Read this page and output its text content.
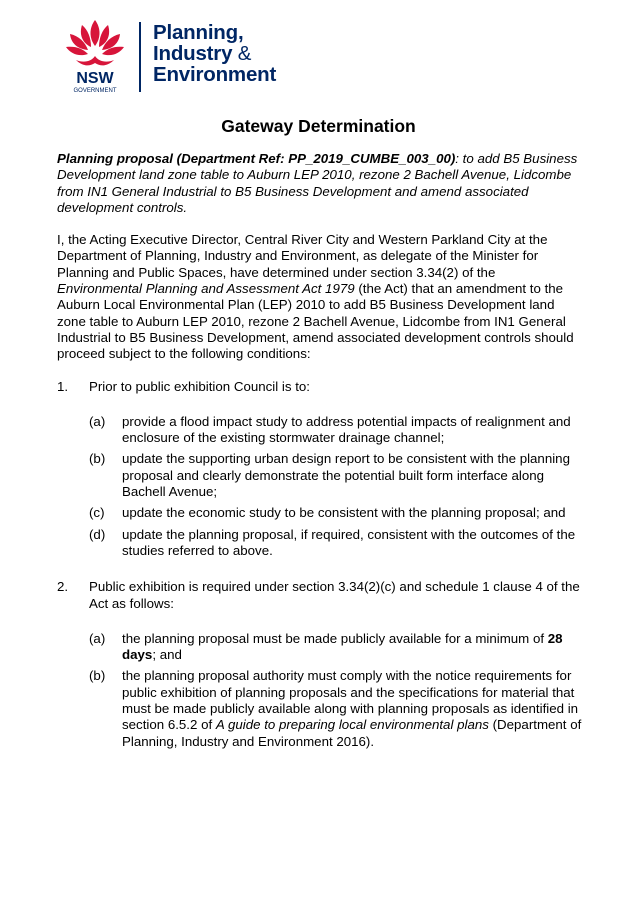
NSW
GOVERNMENT
Planning,
Industry &
Environment
Gateway Determination

Planning proposal (Department Ref: PP_2019_CUMBE_003_00): to add B5 Business Development land zone table to Auburn LEP 2010, rezone 2 Bachell Avenue, Lidcombe from IN1 General Industrial to B5 Business Development and amend associated development controls.

I, the Acting Executive Director, Central River City and Western Parkland City at the Department of Planning, Industry and Environment, as delegate of the Minister for Planning and Public Spaces, have determined under section 3.34(2) of the Environmental Planning and Assessment Act 1979 (the Act) that an amendment to the Auburn Local Environmental Plan (LEP) 2010 to add B5 Business Development land zone table to Auburn LEP 2010, rezone 2 Bachell Avenue, Lidcombe from IN1 General Industrial to B5 Business Development, amend associated development controls should proceed subject to the following conditions:

1. Prior to public exhibition Council is to:
(a) provide a flood impact study to address potential impacts of realignment and enclosure of the existing stormwater drainage channel;
(b) update the supporting urban design report to be consistent with the planning proposal and clearly demonstrate the potential built form interface along Bachell Avenue;
(c) update the economic study to be consistent with the planning proposal; and
(d) update the planning proposal, if required, consistent with the outcomes of the studies referred to above.
2. Public exhibition is required under section 3.34(2)(c) and schedule 1 clause 4 of the Act as follows:
(a) the planning proposal must be made publicly available for a minimum of 28 days; and
(b) the planning proposal authority must comply with the notice requirements for public exhibition of planning proposals and the specifications for material that must be made publicly available along with planning proposals as identified in section 6.5.2 of A guide to preparing local environmental plans (Department of Planning, Industry and Environment 2016).
